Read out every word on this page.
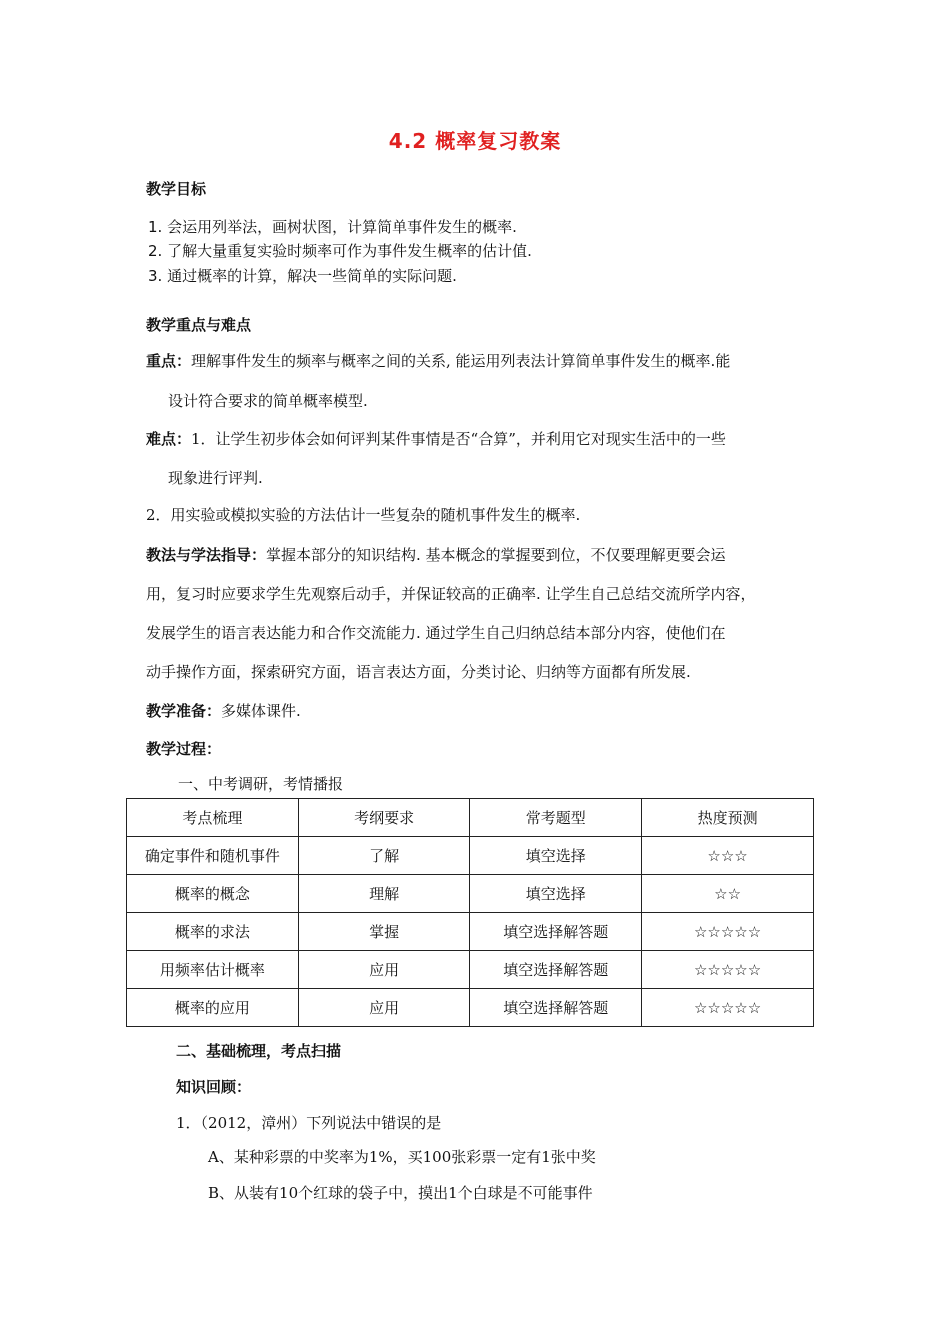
4.2 概率复习教案
教学目标
1. 会运用列举法，画树状图，计算简单事件发生的概率.
2. 了解大量重复实验时频率可作为事件发生概率的估计值.
3. 通过概率的计算，解决一些简单的实际问题.
教学重点与难点
重点：理解事件发生的频率与概率之间的关系, 能运用列表法计算简单事件发生的概率.能
设计符合要求的简单概率模型.
难点：1．让学生初步体会如何评判某件事情是否“合算”，并利用它对现实生活中的一些
现象进行评判.
2．用实验或模拟实验的方法估计一些复杂的随机事件发生的概率.
教法与学法指导：掌握本部分的知识结构. 基本概念的掌握要到位，不仅要理解更要会运
用，复习时应要求学生先观察后动手，并保证较高的正确率. 让学生自己总结交流所学内容，
发展学生的语言表达能力和合作交流能力. 通过学生自己归纳总结本部分内容，使他们在
动手操作方面，探索研究方面，语言表达方面，分类讨论、归纳等方面都有所发展.
教学准备：多媒体课件.
教学过程：
一、中考调研，考情播报
考点梳理	考纲要求	常考题型	热度预测
确定事件和随机事件	了解	填空选择	☆☆☆
概率的概念	理解	填空选择	☆☆
概率的求法	掌握	填空选择解答题	☆☆☆☆☆
用频率估计概率	应用	填空选择解答题	☆☆☆☆☆
概率的应用	应用	填空选择解答题	☆☆☆☆☆
二、基础梳理，考点扫描
知识回顾：
1．（2012，漳州）下列说法中错误的是
A、某种彩票的中奖率为1%，买100张彩票一定有1张中奖
B、从装有10个红球的袋子中，摸出1个白球是不可能事件
